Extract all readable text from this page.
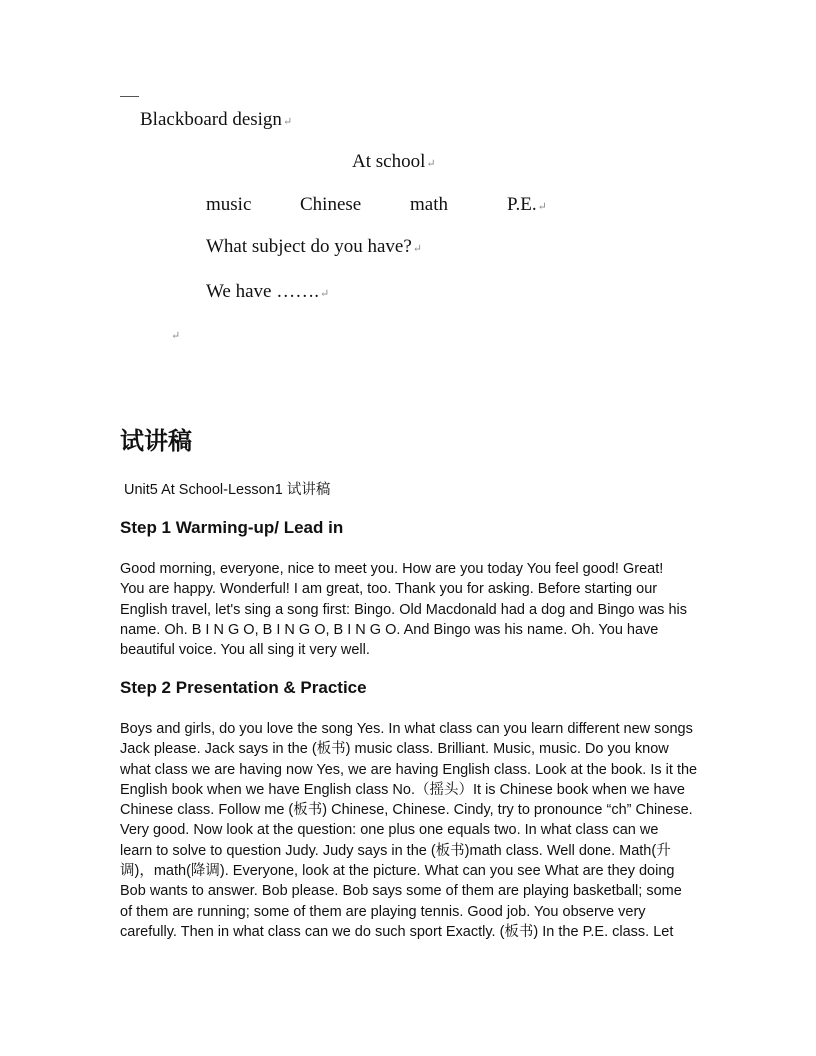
Blackboard design↵
At school↵
music	Chinese	math	P.E.↵
What subject do you have?↵
We have …….↵
↵
试讲稿
Unit5 At School-Lesson1 试讲稿
Step 1 Warming-up/ Lead in
Good morning, everyone, nice to meet you. How are you today You feel good! Great!
You are happy. Wonderful! I am great, too. Thank you for asking. Before starting our
English travel, let's sing a song first: Bingo. Old Macdonald had a dog and Bingo was his
name. Oh. B I N G O, B I N G O, B I N G O. And Bingo was his name. Oh. You have
beautiful voice. You all sing it very well.
Step 2 Presentation & Practice
Boys and girls, do you love the song Yes. In what class can you learn different new songs
Jack please. Jack says in the (板书) music class. Brilliant. Music, music. Do you know
what class we are having now Yes, we are having English class. Look at the book. Is it the
English book when we have English class No.（摇头）It is Chinese book when we have
Chinese class. Follow me (板书) Chinese, Chinese. Cindy, try to pronounce “ch” Chinese.
Very good. Now look at the question: one plus one equals two. In what class can we
learn to solve to question Judy. Judy says in the (板书)math class. Well done. Math(升
调)，math(降调). Everyone, look at the picture. What can you see What are they doing
Bob wants to answer. Bob please. Bob says some of them are playing basketball; some
of them are running; some of them are playing tennis. Good job. You observe very
carefully. Then in what class can we do such sport Exactly. (板书) In the P.E. class. Let
